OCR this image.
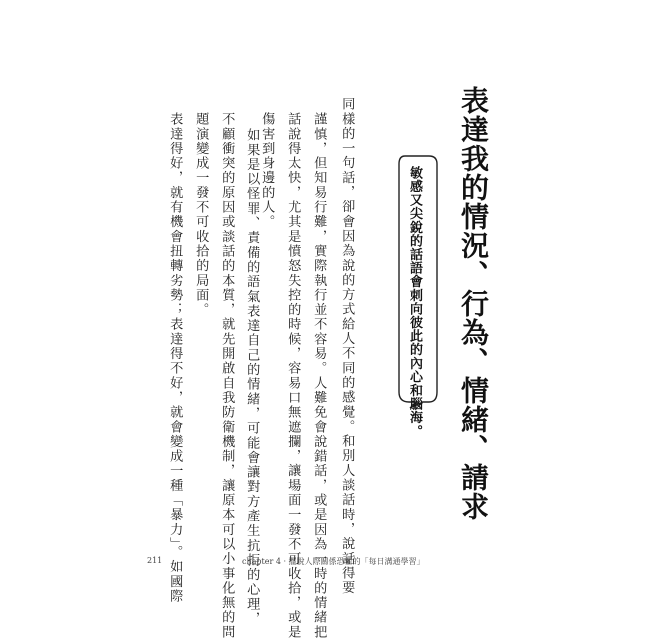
表達我的情況、行為、情緒、請求
敏感又尖銳的話語會刺向彼此的內心和腦海。
同樣的一句話，卻會因為說的方式給人不同的感覺。和別人談話時，說話得要
謹慎，但知易行難，實際執行並不容易。人難免會說錯話，或是因為一時的情緒把
話說得太快，尤其是憤怒失控的時候，容易口無遮攔，讓場面一發不可收拾，或是
傷害到身邊的人。
如果是以怪罪、責備的語氣表達自己的情緒，可能會讓對方產生抗拒的心理，
不顧衝突的原因或談話的本質，就先開啟自我防衛機制，讓原本可以小事化無的問
題演變成一發不可收拾的局面。
表達得好，就有機會扭轉劣勢；表達得不好，就會變成一種「暴力」。如國際
211	chapter 4 · 擺脫人際關係恐懼的「每日溝通學習」
